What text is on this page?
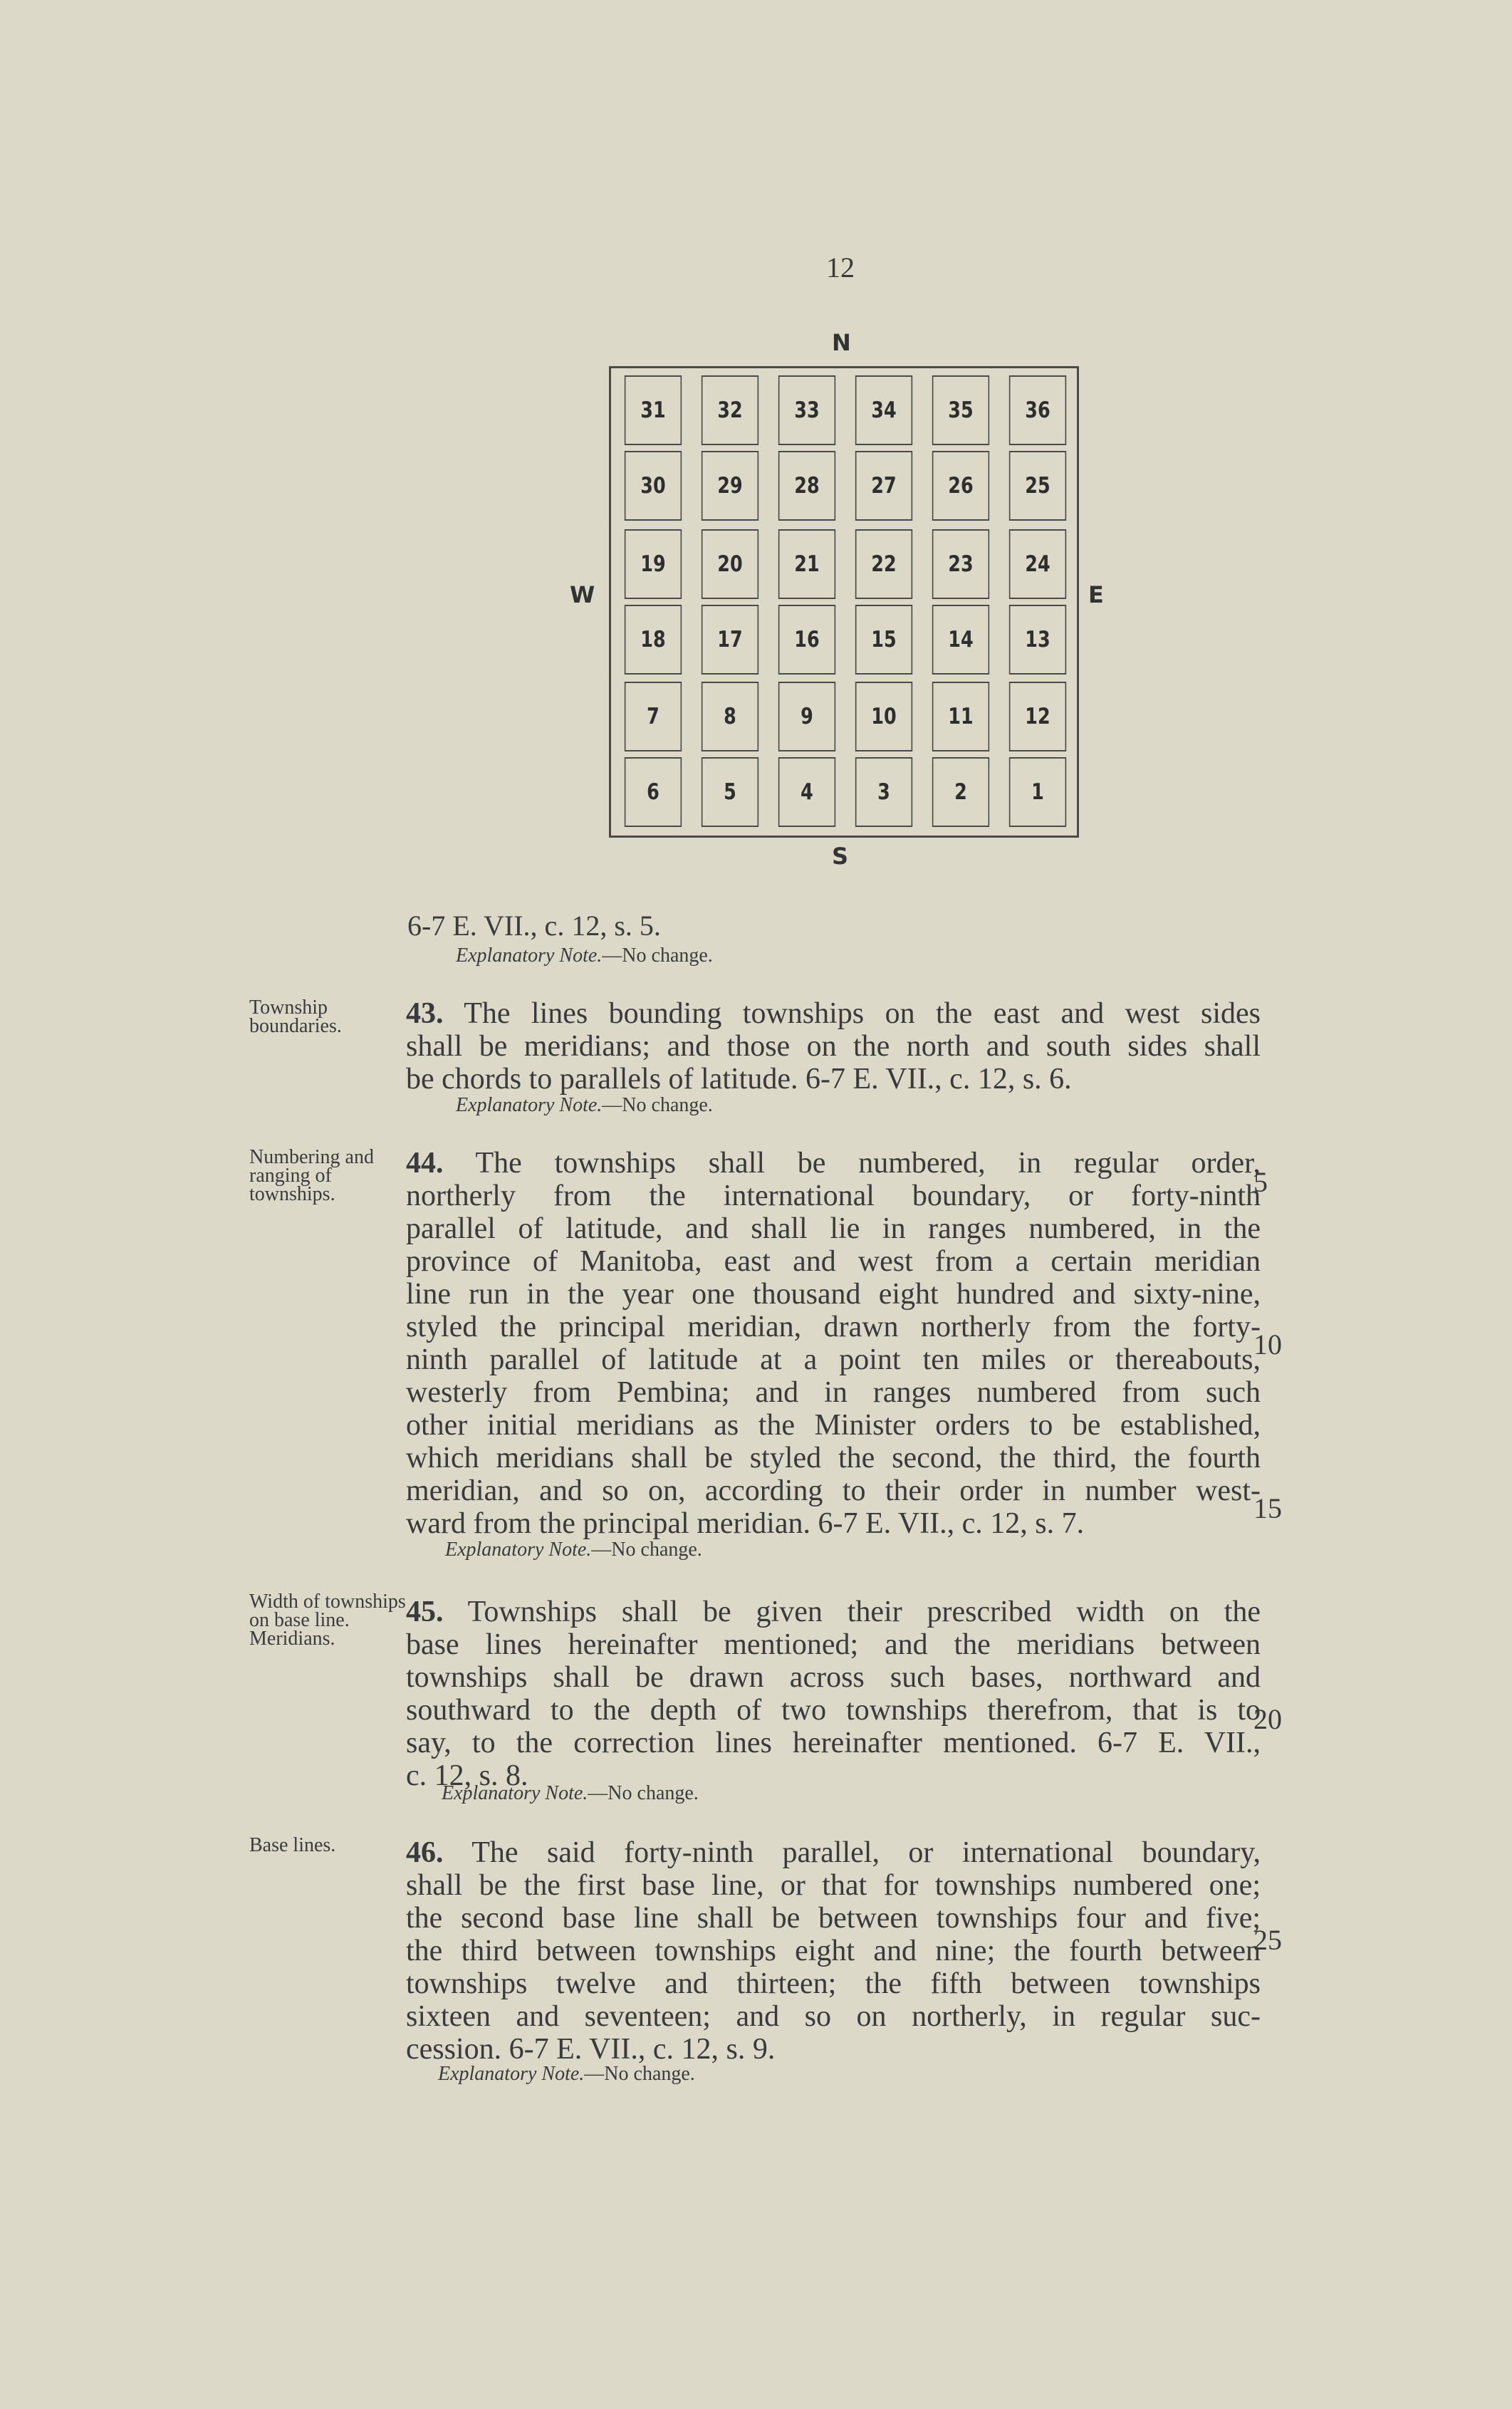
12
N
S
W	E
31	32	33	34	35	36
30	29	28	27	26	25
19	20	21	22	23	24
18	17	16	15	14	13
7	8	9	10	11	12
6	5	4	3	2	1
6-7 E. VII., c. 12, s. 5.
Explanatory Note.—No change.
Township boundaries.	43. The lines bounding townships on the east and west sides
shall be meridians; and those on the north and south sides shall
be chords to parallels of latitude. 6-7 E. VII., c. 12, s. 6.
Explanatory Note.—No change.
Numbering and ranging of townships.
44. The townships shall be numbered, in regular order,
northerly from the international boundary, or forty-ninth
parallel of latitude, and shall lie in ranges numbered, in the
province of Manitoba, east and west from a certain meridian
line run in the year one thousand eight hundred and sixty-nine,
styled the principal meridian, drawn northerly from the forty-
ninth parallel of latitude at a point ten miles or thereabouts,
westerly from Pembina; and in ranges numbered from such
other initial meridians as the Minister orders to be established,
which meridians shall be styled the second, the third, the fourth
meridian, and so on, according to their order in number west-
ward from the principal meridian. 6-7 E. VII., c. 12, s. 7.
Explanatory Note.—No change.
Width of townships on base line. Meridians.
45. Townships shall be given their prescribed width on the
base lines hereinafter mentioned; and the meridians between
townships shall be drawn across such bases, northward and
southward to the depth of two townships therefrom, that is to
say, to the correction lines hereinafter mentioned. 6-7 E. VII.,
c. 12, s. 8.
Explanatory Note.—No change.
Base lines.	46. The said forty-ninth parallel, or international boundary,
shall be the first base line, or that for townships numbered one;
the second base line shall be between townships four and five;
the third between townships eight and nine; the fourth between
townships twelve and thirteen; the fifth between townships
sixteen and seventeen; and so on northerly, in regular suc-
cession. 6-7 E. VII., c. 12, s. 9.
Explanatory Note.—No change.
5
10
15
20
25
